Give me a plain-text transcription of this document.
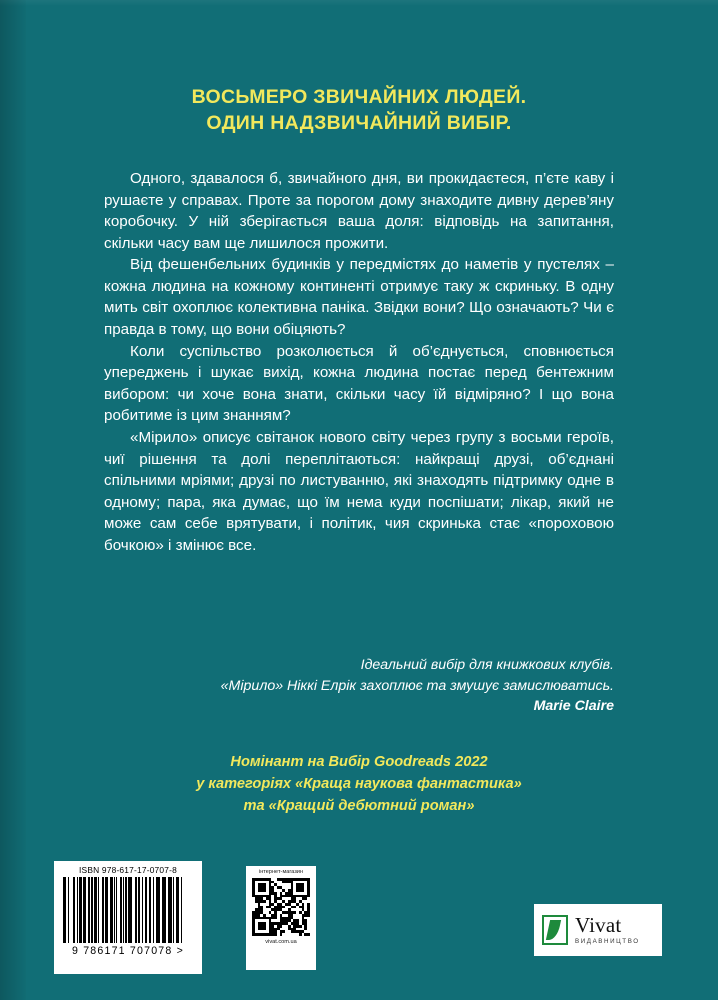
ВОСЬМЕРО ЗВИЧАЙНИХ ЛЮДЕЙ.
ОДИН НАДЗВИЧАЙНИЙ ВИБІР.

Одного, здавалося б, звичайного дня, ви прокидаєтеся, п’єте каву і рушаєте у справах. Проте за порогом дому знаходите дивну дерев’яну коробочку. У ній зберігається ваша доля: відповідь на запитання, скільки часу вам ще лишилося прожити.

Від фешенбельних будинків у передмістях до наметів у пустелях – кожна людина на кожному континенті отримує таку ж скриньку. В одну мить світ охоплює колективна паніка. Звідки вони? Що означають? Чи є правда в тому, що вони обіцяють?

Коли суспільство розколюється й об’єднується, сповнюється упереджень і шукає вихід, кожна людина постає перед бентежним вибором: чи хоче вона знати, скільки часу їй відміряно? І що вона робитиме із цим знанням?

«Мірило» описує світанок нового світу через групу з восьми героїв, чиї рішення та долі переплітаються: найкращі друзі, об’єднані спільними мріями; друзі по листуванню, які знаходять підтримку одне в одному; пара, яка думає, що їм нема куди поспішати; лікар, який не може сам себе врятувати, і політик, чия скринька стає «пороховою бочкою» і змінює все.

Ідеальний вибір для книжкових клубів.
«Мірило» Ніккі Елрік захоплює та змушує замислюватись.
Marie Claire
Номінант на Вибір Goodreads 2022
у категоріях «Краща наукова фантастика»
та «Кращий дебютний роман»
ISBN 978-617-17-0707-8
9 786171 707078 >
інтернет-магазин
vivat.com.ua
Vivat
ВИДАВНИЦТВО
